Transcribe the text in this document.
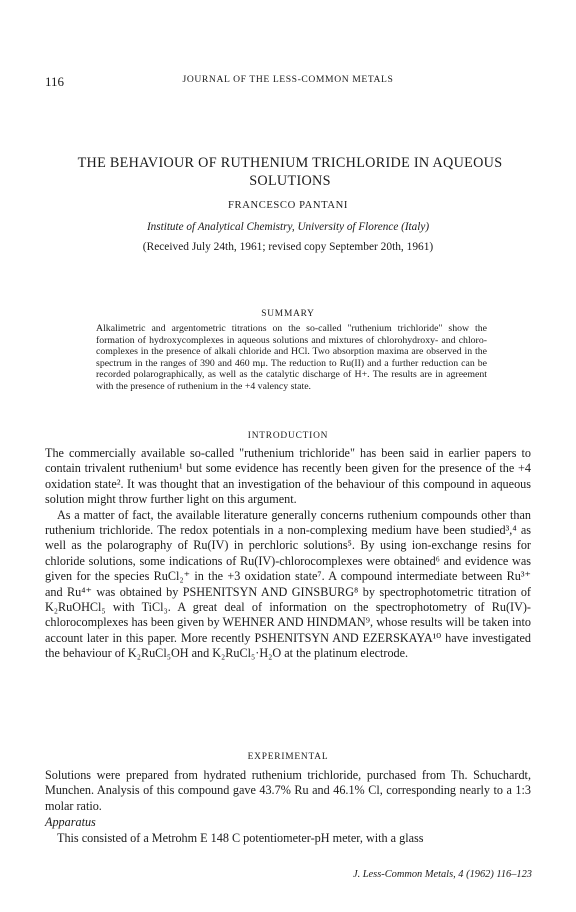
116	JOURNAL OF THE LESS-COMMON METALS
THE BEHAVIOUR OF RUTHENIUM TRICHLORIDE IN AQUEOUS SOLUTIONS
FRANCESCO PANTANI
Institute of Analytical Chemistry, University of Florence (Italy)
(Received July 24th, 1961; revised copy September 20th, 1961)
SUMMARY

Alkalimetric and argentometric titrations on the so-called "ruthenium trichloride" show the formation of hydroxycomplexes in aqueous solutions and mixtures of chlorohydroxy- and chloro-complexes in the presence of alkali chloride and HCl. Two absorption maxima are observed in the spectrum in the ranges of 390 and 460 mμ. The reduction to Ru(II) and a further reduction can be recorded polarographically, as well as the catalytic discharge of H+. The results are in agreement with the presence of ruthenium in the +4 valency state.

INTRODUCTION

The commercially available so-called "ruthenium trichloride" has been said in earlier papers to contain trivalent ruthenium¹ but some evidence has recently been given for the presence of the +4 oxidation state². It was thought that an investigation of the behaviour of this compound in aqueous solution might throw further light on this argument.

As a matter of fact, the available literature generally concerns ruthenium compounds other than ruthenium trichloride. The redox potentials in a non-complexing medium have been studied³,⁴ as well as the polarography of Ru(IV) in perchloric solutions⁵. By using ion-exchange resins for chloride solutions, some indications of Ru(IV)-chlorocomplexes were obtained⁶ and evidence was given for the species RuCl₂⁺ in the +3 oxidation state⁷. A compound intermediate between Ru³⁺ and Ru⁴⁺ was obtained by PSHENITSYN AND GINSBURG⁸ by spectrophotometric titration of K₂RuOHCl₅ with TiCl₃. A great deal of information on the spectrophotometry of Ru(IV)-chlorocomplexes has been given by WEHNER AND HINDMAN⁹, whose results will be taken into account later in this paper. More recently PSHENITSYN AND EZERSKAYA¹⁰ have investigated the behaviour of K₂RuCl₅OH and K₂RuCl₅·H₂O at the platinum electrode.

EXPERIMENTAL

Solutions were prepared from hydrated ruthenium trichloride, purchased from Th. Schuchardt, Munchen. Analysis of this compound gave 43.7% Ru and 46.1% Cl, corresponding nearly to a 1:3 molar ratio.

Apparatus

This consisted of a Metrohm E 148 C potentiometer-pH meter, with a glass

J. Less-Common Metals, 4 (1962) 116–123
